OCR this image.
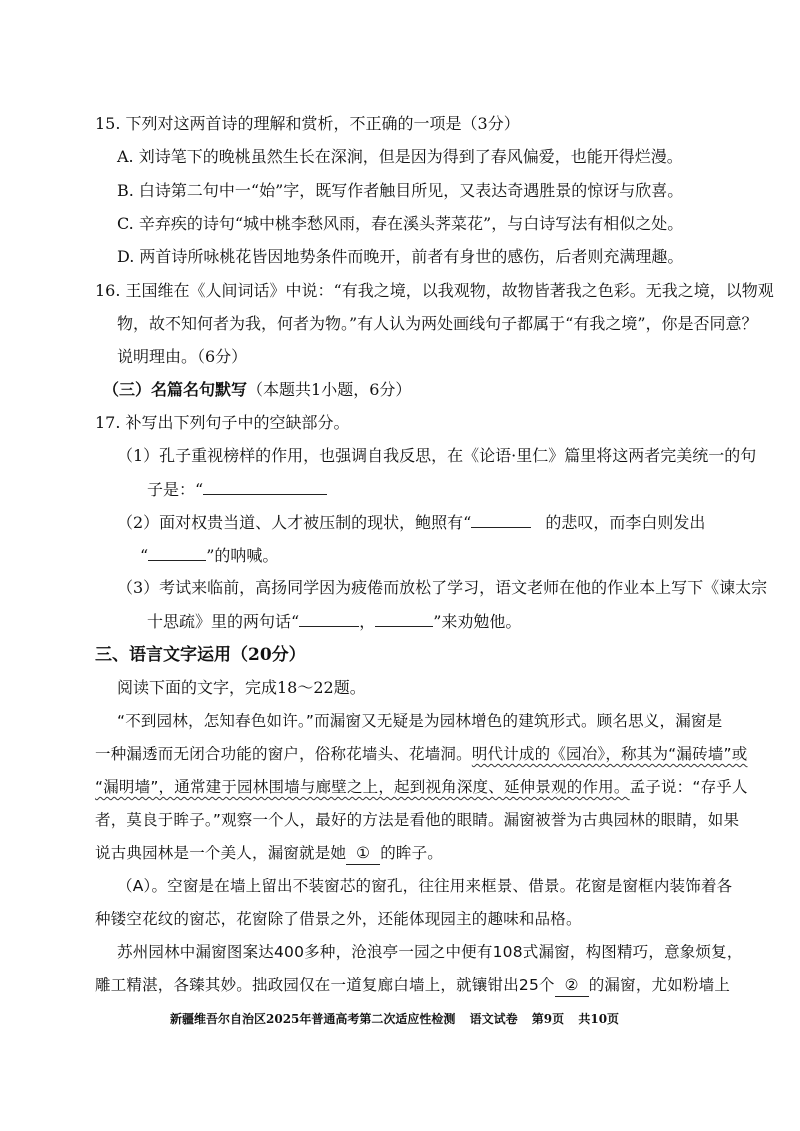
15. 下列对这两首诗的理解和赏析，不正确的一项是（3分）
A. 刘诗笔下的晚桃虽然生长在深涧，但是因为得到了春风偏爱，也能开得烂漫。
B. 白诗第二句中一“始”字，既写作者触目所见，又表达奇遇胜景的惊讶与欣喜。
C. 辛弃疾的诗句“城中桃李愁风雨，春在溪头荠菜花”，与白诗写法有相似之处。
D. 两首诗所咏桃花皆因地势条件而晚开，前者有身世的感伤，后者则充满理趣。
16. 王国维在《人间词话》中说：“有我之境，以我观物，故物皆著我之色彩。无我之境，以物观
物，故不知何者为我，何者为物。”有人认为两处画线句子都属于“有我之境”，你是否同意？
说明理由。（6分）
（三）名篇名句默写（本题共1小题，6分）
17. 补写出下列句子中的空缺部分。
（1）孔子重视榜样的作用，也强调自我反思，在《论语·里仁》篇里将这两者完美统一的句
子是：“
（2）面对权贵当道、人才被压制的现状，鲍照有“	的悲叹，而李白则发出
“	”的呐喊。
（3）考试来临前，高扬同学因为疲倦而放松了学习，语文老师在他的作业本上写下《谏太宗
十思疏》里的两句话“	，	”来劝勉他。
三、语言文字运用（20分）
阅读下面的文字，完成18～22题。
“不到园林，怎知春色如许。”而漏窗又无疑是为园林增色的建筑形式。顾名思义，漏窗是
一种漏透而无闭合功能的窗户，俗称花墙头、花墙洞。明代计成的《园冶》，称其为“漏砖墙”或
“漏明墙”，通常建于园林围墙与廊壁之上，起到视角深度、延伸景观的作用。孟子说：“存乎人
者，莫良于眸子。”观察一个人，最好的方法是看他的眼睛。漏窗被誉为古典园林的眼睛，如果
说古典园林是一个美人，漏窗就是她 ① 的眸子。
（A）。空窗是在墙上留出不装窗芯的窗孔，往往用来框景、借景。花窗是窗框内装饰着各
种镂空花纹的窗芯，花窗除了借景之外，还能体现园主的趣味和品格。
苏州园林中漏窗图案达400多种，沧浪亭一园之中便有108式漏窗，构图精巧，意象烦复，
雕工精湛，各臻其妙。拙政园仅在一道复廊白墙上，就镶钳出25个 ② 的漏窗，尤如粉墙上
新疆维吾尔自治区2025年普通高考第二次适应性检测 语文试卷 第9页 共10页
